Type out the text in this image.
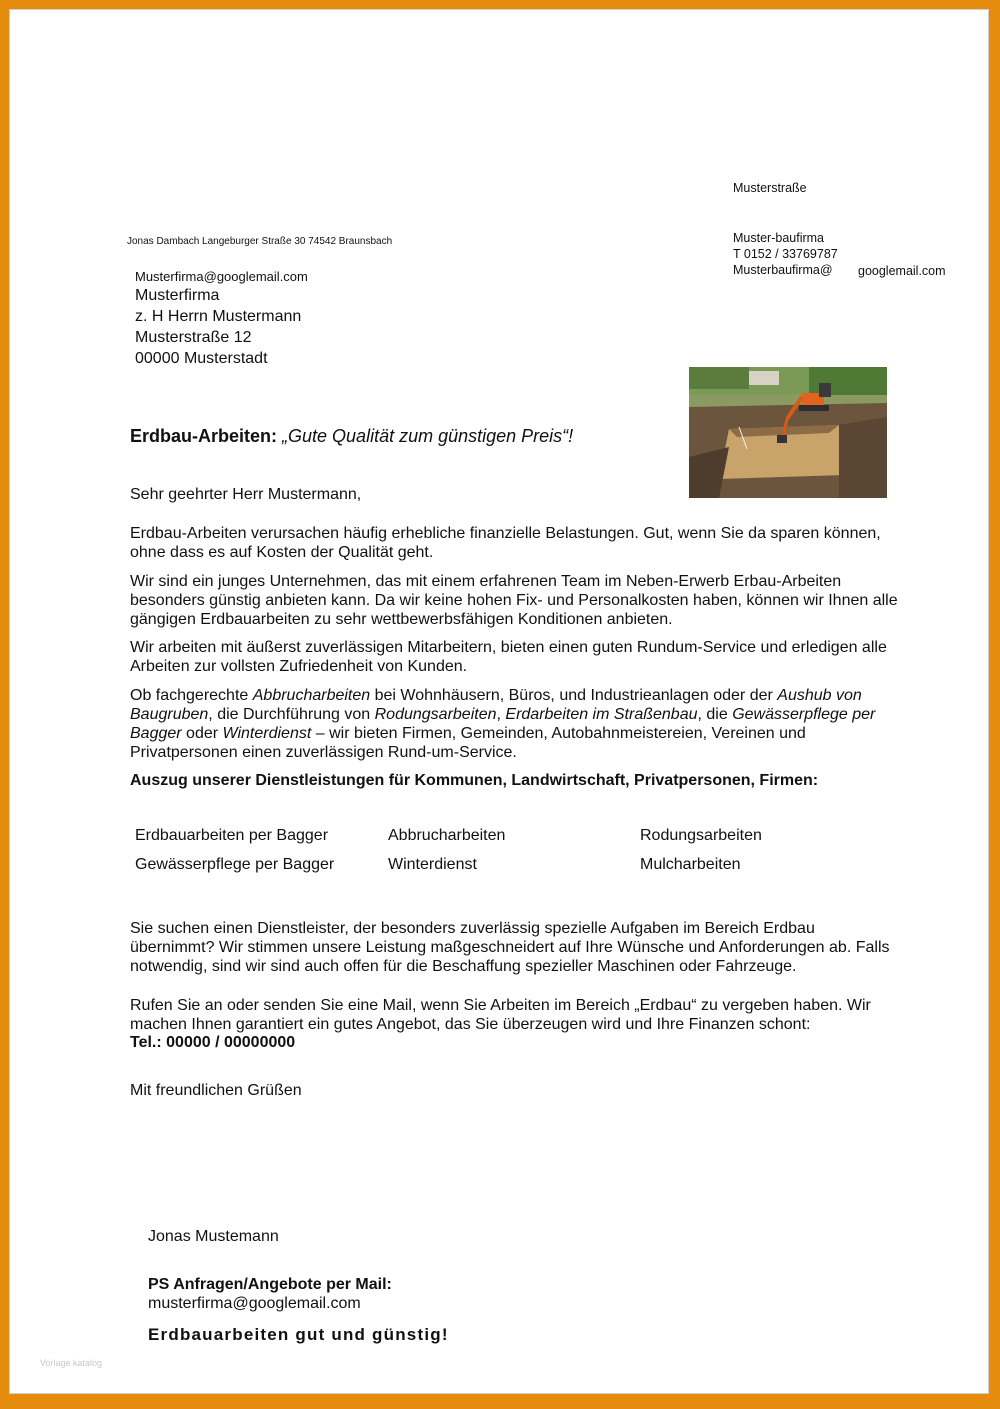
Musterstraße
Muster-baufirma
T 0152 / 33769787
Musterbaufirma@ googlemail.com
Jonas Dambach Langeburger Straße 30 74542 Braunsbach
Musterfirma@googlemail.com
Musterfirma
z. H Herrn Mustermann
Musterstraße 12
00000 Musterstadt
Erdbau-Arbeiten: „Gute Qualität zum günstigen Preis“!
Sehr geehrter Herr Mustermann,
Erdbau-Arbeiten verursachen häufig erhebliche finanzielle Belastungen. Gut, wenn Sie da sparen können, ohne dass es auf Kosten der Qualität geht.
Wir sind ein junges Unternehmen, das mit einem erfahrenen Team im Neben-Erwerb Erbau-Arbeiten besonders günstig anbieten kann. Da wir keine hohen Fix- und Personalkosten haben, können wir Ihnen alle gängigen Erdbauarbeiten zu sehr wettbewerbsfähigen Konditionen anbieten.
Wir arbeiten mit äußerst zuverlässigen Mitarbeitern, bieten einen guten Rundum-Service und erledigen alle Arbeiten zur vollsten Zufriedenheit von Kunden.
Ob fachgerechte Abbrucharbeiten bei Wohnhäusern, Büros, und Industrieanlagen oder der Aushub von Baugruben, die Durchführung von Rodungsarbeiten, Erdarbeiten im Straßenbau, die Gewässerpflege per Bagger oder Winterdienst – wir bieten Firmen, Gemeinden, Autobahnmeistereien, Vereinen und Privatpersonen einen zuverlässigen Rund-um-Service.
Auszug unserer Dienstleistungen für Kommunen, Landwirtschaft, Privatpersonen, Firmen:
Erdbauarbeiten per Bagger	Abbrucharbeiten	Rodungsarbeiten
Gewässerpflege per Bagger	Winterdienst	Mulcharbeiten
Sie suchen einen Dienstleister, der besonders zuverlässig spezielle Aufgaben im Bereich Erdbau übernimmt? Wir stimmen unsere Leistung maßgeschneidert auf Ihre Wünsche und Anforderungen ab. Falls notwendig, sind wir sind auch offen für die Beschaffung spezieller Maschinen oder Fahrzeuge.
Rufen Sie an oder senden Sie eine Mail, wenn Sie Arbeiten im Bereich „Erdbau“ zu vergeben haben. Wir machen Ihnen garantiert ein gutes Angebot, das Sie überzeugen wird und Ihre Finanzen schont:
Tel.: 00000 / 00000000
Mit freundlichen Grüßen
Jonas Mustemann
PS Anfragen/Angebote per Mail:
musterfirma@googlemail.com
Erdbauarbeiten gut und günstig!
Vorlage katalog
